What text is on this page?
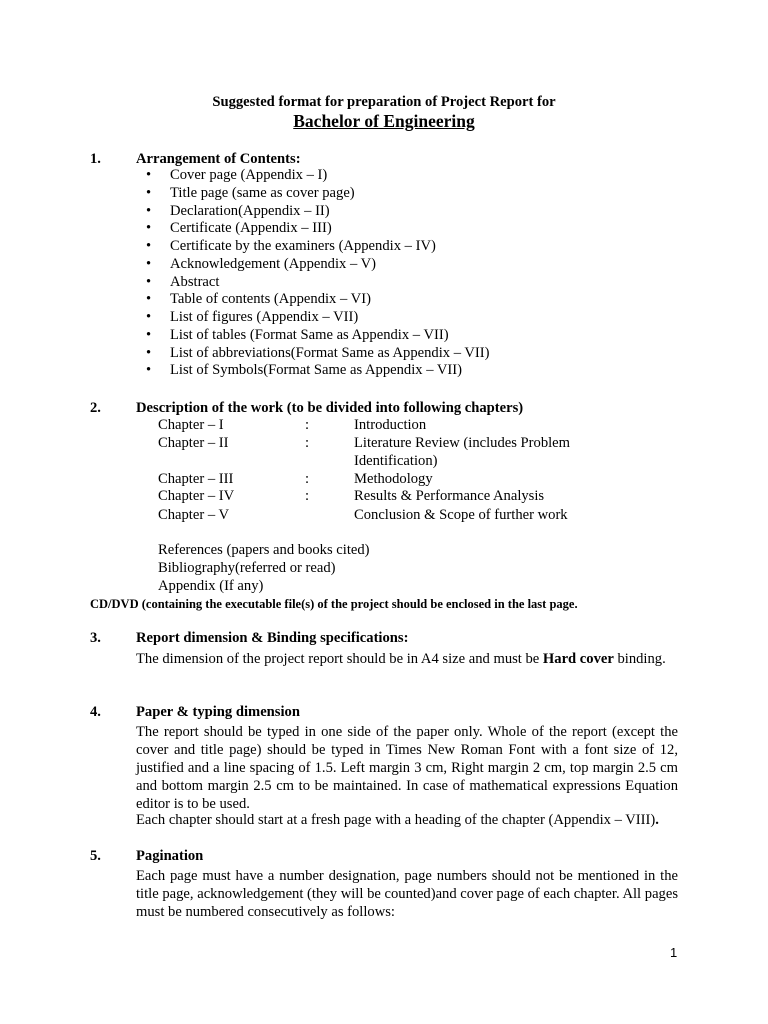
Suggested format for preparation of Project Report for
Bachelor of Engineering
1. Arrangement of Contents:
• Cover page (Appendix – I)
• Title page (same as cover page)
• Declaration(Appendix – II)
• Certificate (Appendix – III)
• Certificate by the examiners (Appendix – IV)
• Acknowledgement (Appendix – V)
• Abstract
• Table of contents (Appendix – VI)
• List of figures (Appendix – VII)
• List of tables (Format Same as Appendix – VII)
• List of abbreviations(Format Same as Appendix – VII)
• List of Symbols(Format Same as Appendix – VII)
2. Description of the work (to be divided into following chapters)
Chapter – I	:	Introduction
Chapter – II	:	Literature Review (includes Problem
Identification)
Chapter – III	:	Methodology
Chapter – IV	:	Results & Performance Analysis
Chapter – V	Conclusion & Scope of further work
References (papers and books cited)
Bibliography(referred or read)
Appendix (If any)
CD/DVD (containing the executable file(s) of the project should be enclosed in the last page.
3. Report dimension & Binding specifications:
The dimension of the project report should be in A4 size and must be Hard cover binding.
4. Paper & typing dimension
The report should be typed in one side of the paper only. Whole of the report (except the cover and title page) should be typed in Times New Roman Font with a font size of 12, justified and a line spacing of 1.5. Left margin 3 cm, Right margin 2 cm, top margin 2.5 cm and bottom margin 2.5 cm to be maintained. In case of mathematical expressions Equation editor is to be used.
Each chapter should start at a fresh page with a heading of the chapter (Appendix – VIII).
5. Pagination
Each page must have a number designation, page numbers should not be mentioned in the title page, acknowledgement (they will be counted)and cover page of each chapter. All pages must be numbered consecutively as follows:
1
